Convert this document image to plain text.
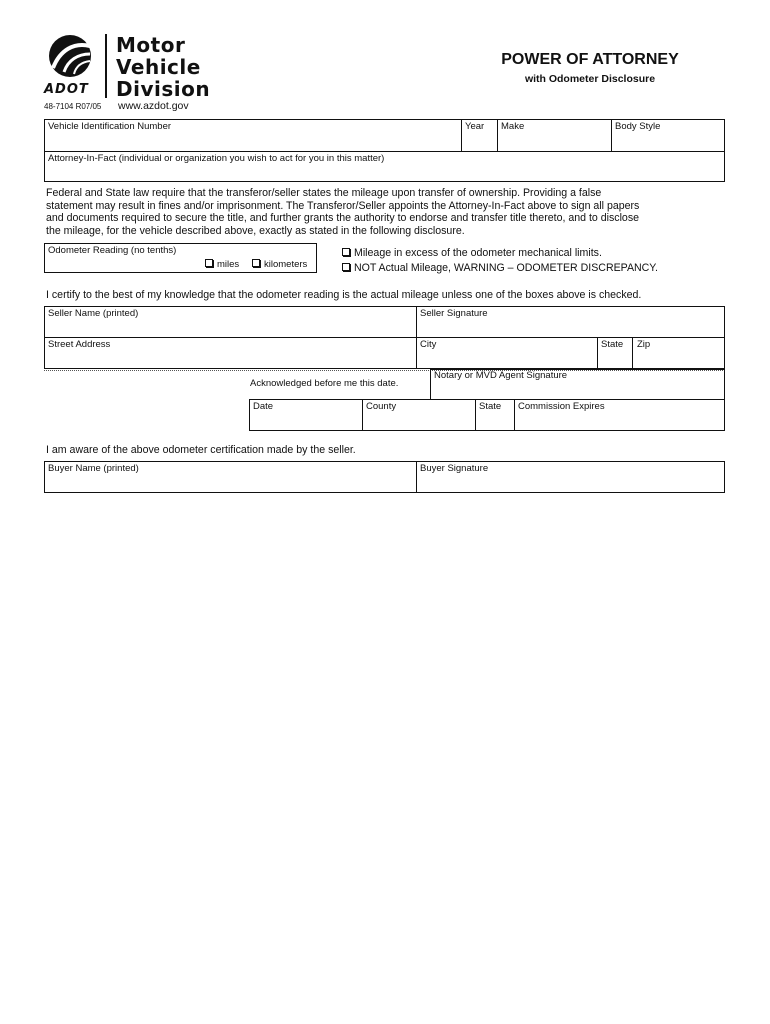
ADOT
Motor
Vehicle
Division
48-7104 R07/05 www.azdot.gov
POWER OF ATTORNEY
with Odometer Disclosure
Vehicle Identification Number	Year Make	Body Style
Attorney-In-Fact (individual or organization you wish to act for you in this matter)
Federal and State law require that the transferor/seller states the mileage upon transfer of ownership. Providing a false
statement may result in fines and/or imprisonment. The Transferor/Seller appoints the Attorney-In-Fact above to sign all papers
and documents required to secure the title, and further grants the authority to endorse and transfer title thereto, and to disclose
the mileage, for the vehicle described above, exactly as stated in the following disclosure.
Odometer Reading (no tenths)
miles	kilometers
Mileage in excess of the odometer mechanical limits.
NOT Actual Mileage, WARNING – ODOMETER DISCREPANCY.
I certify to the best of my knowledge that the odometer reading is the actual mileage unless one of the boxes above is checked.
Seller Name (printed)	Seller Signature
Street Address	City	State Zip
Acknowledged before me this date.
Notary or MVD Agent Signature
Date	County	State Commission Expires
I am aware of the above odometer certification made by the seller.
Buyer Name (printed)	Buyer Signature
